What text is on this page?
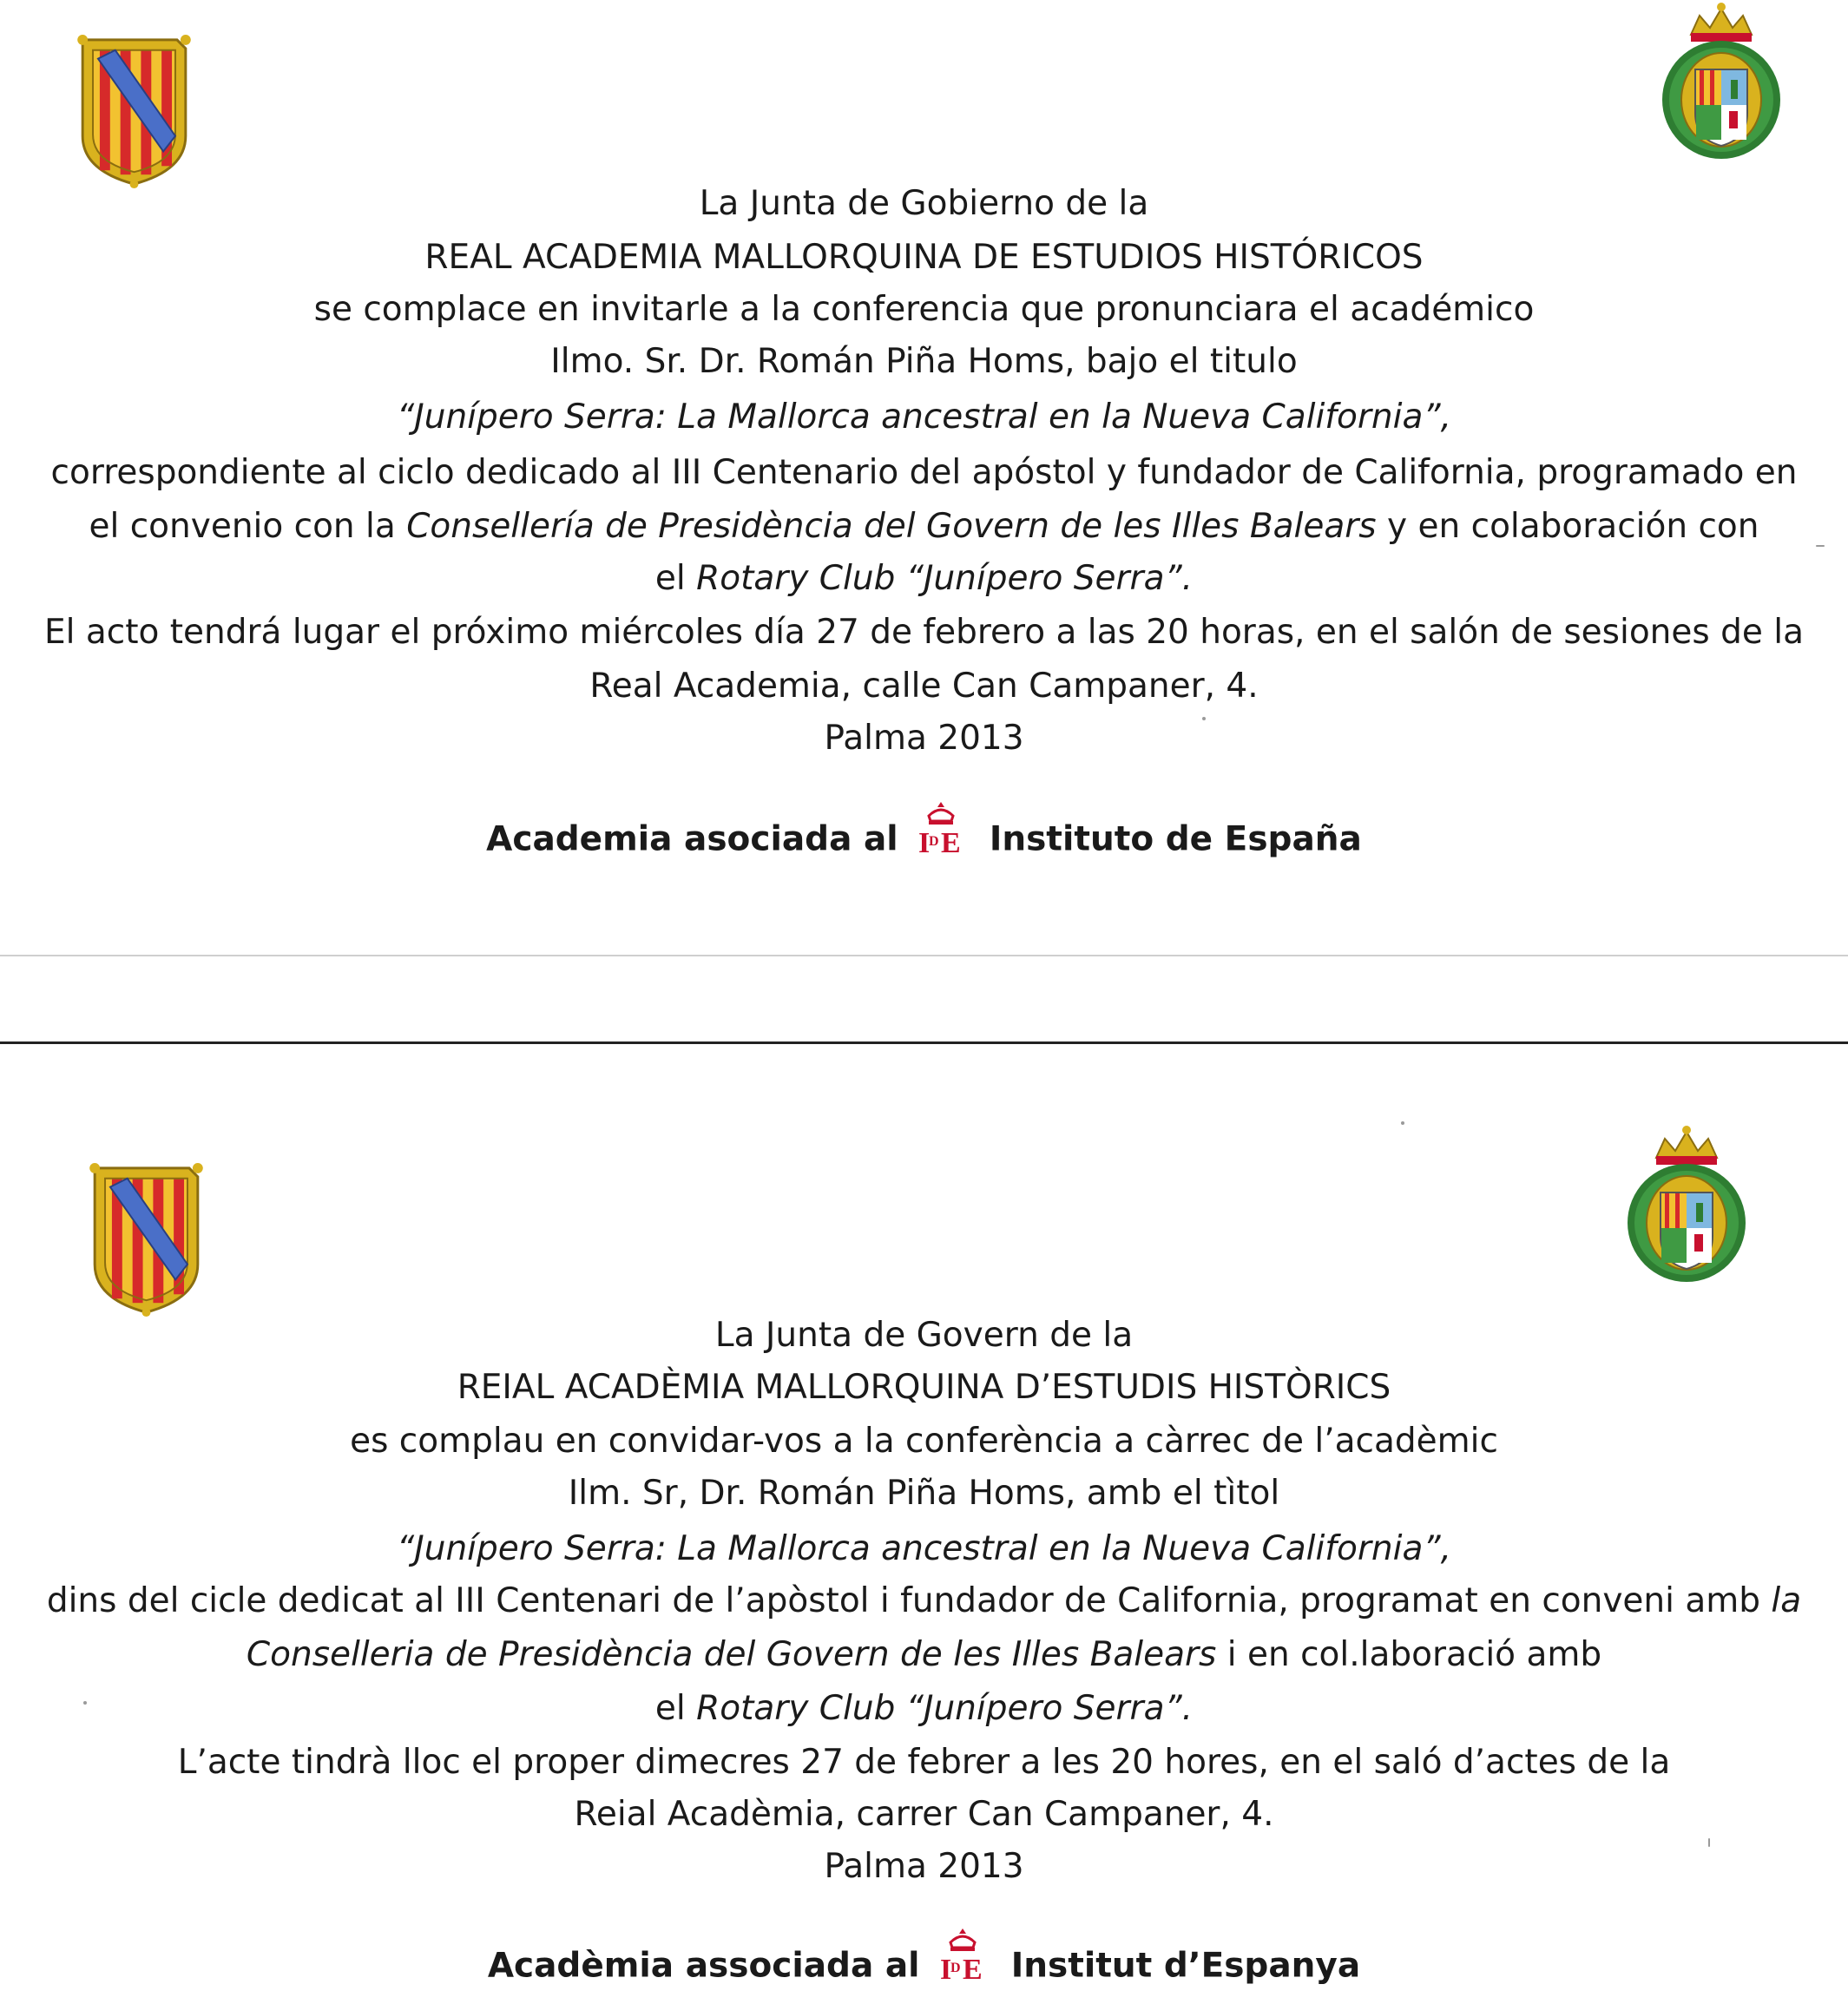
La Junta de Gobierno de la
REAL ACADEMIA MALLORQUINA DE ESTUDIOS HISTÓRICOS
se complace en invitarle a la conferencia que pronunciara el académico
Ilmo. Sr. Dr. Román Piña Homs, bajo el titulo
“Junípero Serra: La Mallorca ancestral en la Nueva California”,
correspondiente al ciclo dedicado al III Centenario del apóstol y fundador de California, programado en
el convenio con la Consellería de Presidència del Govern de les Illes Balears y en colaboración con
el Rotary Club “Junípero Serra”.
El acto tendrá lugar el próximo miércoles día 27 de febrero a las 20 horas, en el salón de sesiones de la
Real Academia, calle Can Campaner, 4.
Palma 2013
Academia asociada al	Instituto de España
La Junta de Govern de la
REIAL ACADÈMIA MALLORQUINA D’ESTUDIS HISTÒRICS
es complau en convidar-vos a la conferència a càrrec de l’acadèmic
Ilm. Sr, Dr. Román Piña Homs, amb el tìtol
“Junípero Serra: La Mallorca ancestral en la Nueva California”,
dins del cicle dedicat al III Centenari de l’apòstol i fundador de California, programat en conveni amb la
Conselleria de Presidència del Govern de les Illes Balears i en col.laboració amb
el Rotary Club “Junípero Serra”.
L’acte tindrà lloc el proper dimecres 27 de febrer a les 20 hores, en el saló d’actes de la
Reial Acadèmia, carrer Can Campaner, 4.
Palma 2013
Acadèmia associada al	Institut d’Espanya
